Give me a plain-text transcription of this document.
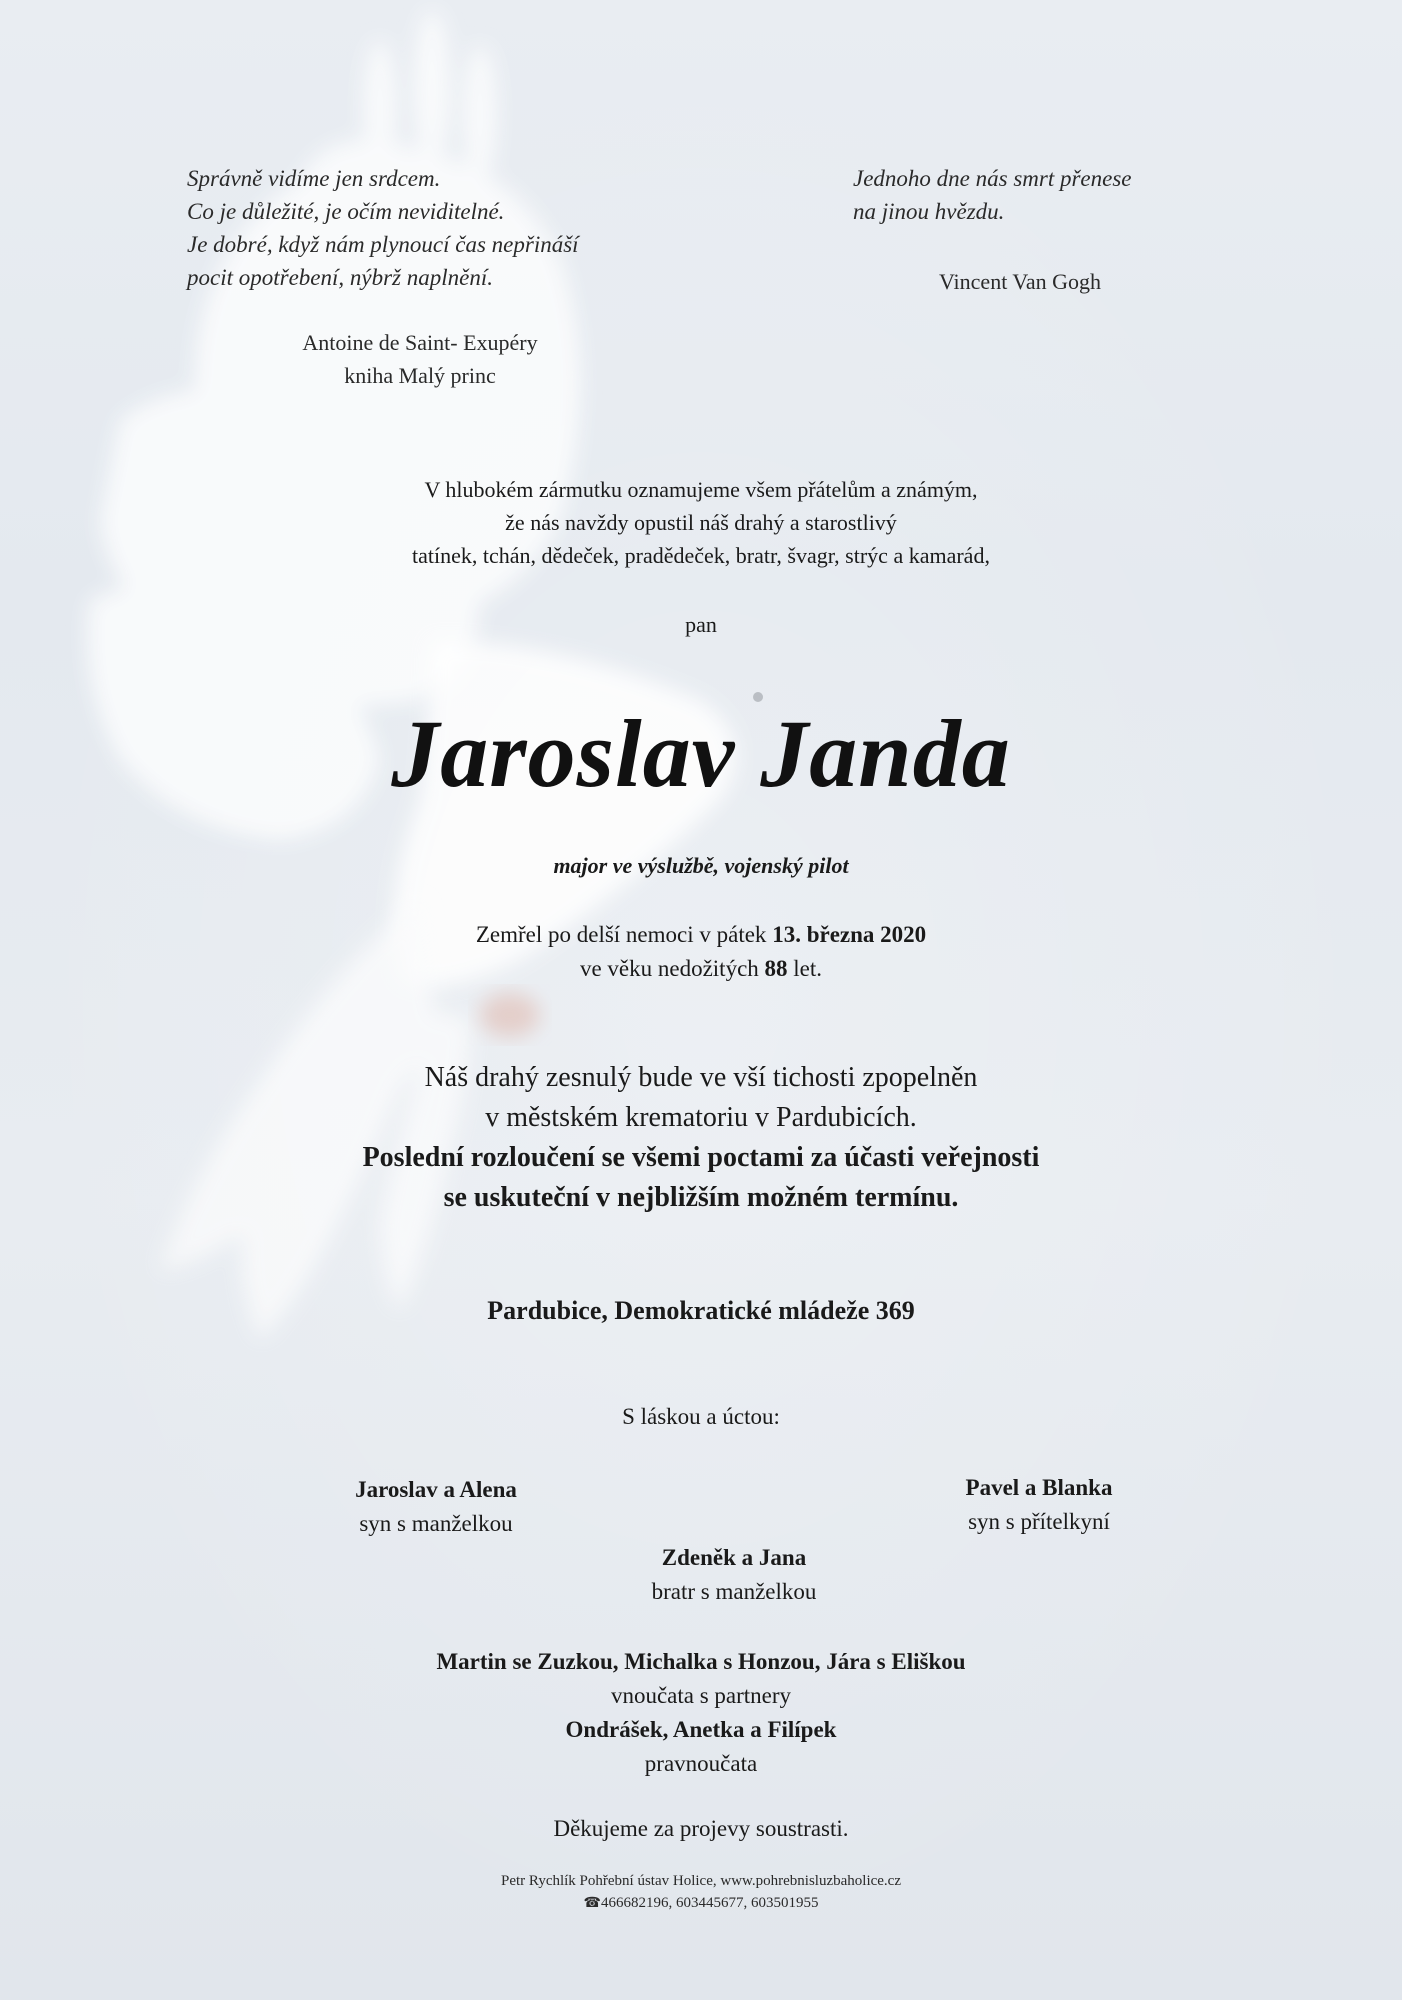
Správně vidíme jen srdcem.

Co je důležité, je očím neviditelné.

Je dobré, když nám plynoucí čas nepřináší

pocit opotřebení, nýbrž naplnění.

Antoine de Saint- Exupéry

kniha Malý princ

Jednoho dne nás smrt přenese

na jinou hvězdu.

Vincent Van Gogh

V hlubokém zármutku oznamujeme všem přátelům a známým,

že nás navždy opustil náš drahý a starostlivý

tatínek, tchán, dědeček, pradědeček, bratr, švagr, strýc a kamarád,

pan
Jaroslav Janda
major ve výslužbě, vojenský pilot

Zemřel po delší nemoci v pátek 13. března 2020

ve věku nedožitých 88 let.

Náš drahý zesnulý bude ve vší tichosti zpopelněn

v městském krematoriu v Pardubicích.

Poslední rozloučení se všemi poctami za účasti veřejnosti

se uskuteční v nejbližším možném termínu.

Pardubice, Demokratické mládeže 369
S láskou a úctou:

Jaroslav a Alena

syn s manželkou

Pavel a Blanka

syn s přítelkyní

Zdeněk a Jana

bratr s manželkou

Martin se Zuzkou, Michalka s Honzou, Jára s Eliškou

vnoučata s partnery

Ondrášek, Anetka a Filípek

pravnoučata

Děkujeme za projevy soustrasti.

Petr Rychlík Pohřební ústav Holice, www.pohrebnisluzbaholice.cz

☎466682196, 603445677, 603501955
